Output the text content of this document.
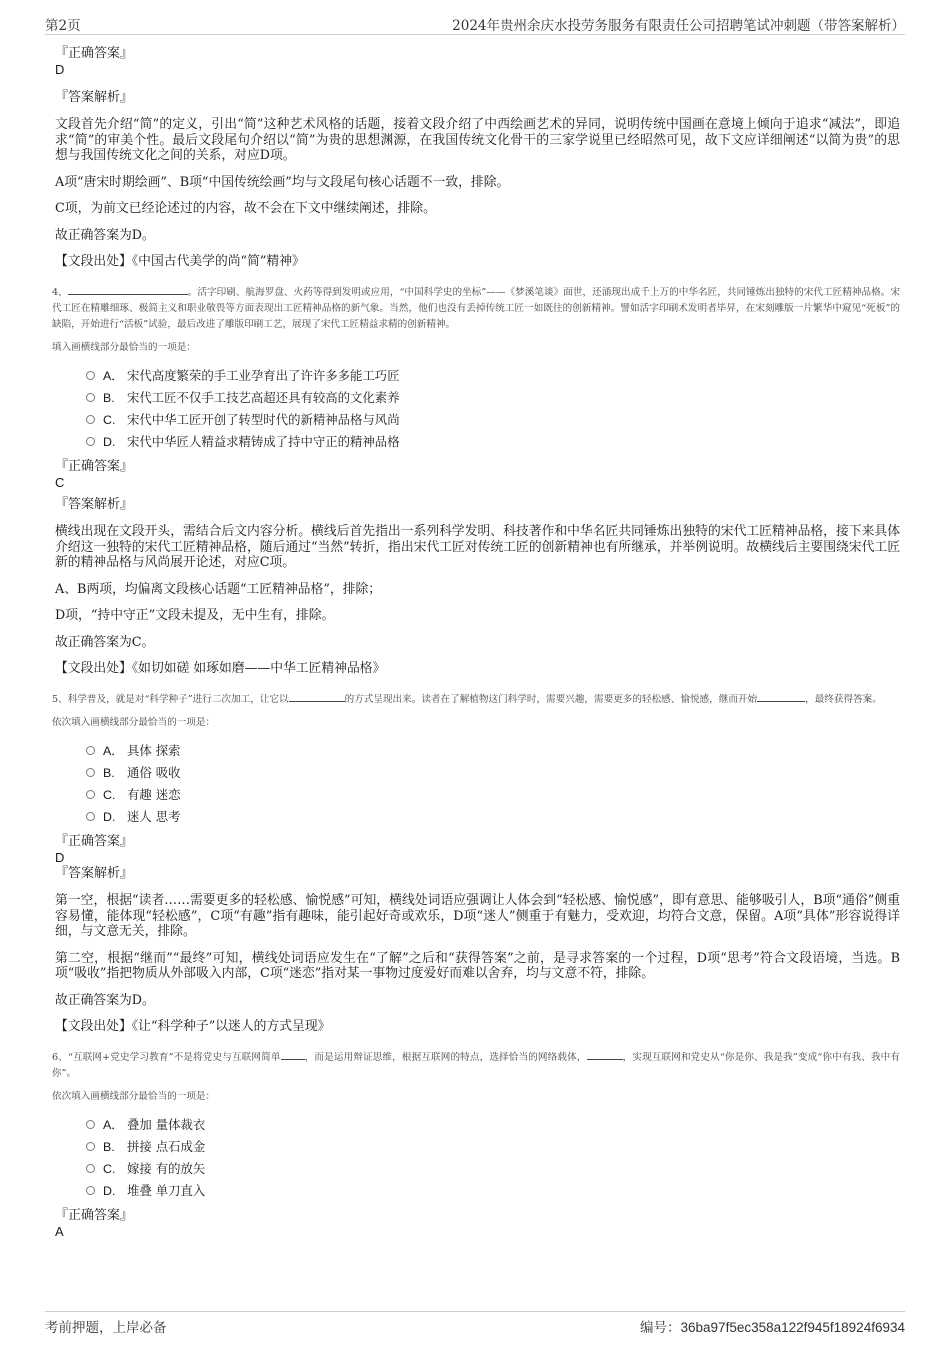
第2页	2024年贵州余庆水投劳务服务有限责任公司招聘笔试冲刺题（带答案解析）

『正确答案』

D

『答案解析』

文段首先介绍“简”的定义，引出“简”这种艺术风格的话题，接着文段介绍了中西绘画艺术的异同，说明传统中国画在意境上倾向于追求“减法”，即追求“简”的审美个性。最后文段尾句介绍以“简”为贵的思想渊源，在我国传统文化骨干的三家学说里已经昭然可见，故下文应详细阐述“以简为贵”的思想与我国传统文化之间的关系，对应D项。

A项“唐宋时期绘画”、B项“中国传统绘画”均与文段尾句核心话题不一致，排除。

C项，为前文已经论述过的内容，故不会在下文中继续阐述，排除。

故正确答案为D。

【文段出处】《中国古代美学的尚“简”精神》

4、	。活字印刷、航海罗盘、火药等得到发明或应用，“中国科学史的坐标”——《梦溪笔谈》面世，还涌现出成千上万的中华名匠，共同锤炼出独特的宋代工匠精神品格。宋代工匠在精雕细琢、极简主义和职业敬畏等方面表现出工匠精神品格的新气象。当然，他们也没有丢掉传统工匠一如既往的创新精神。譬如活字印刷术发明者毕昇，在宋刻雕版一片繁华中窥见“死板”的缺陷，开始进行“活板”试验，最后改进了雕版印刷工艺，展现了宋代工匠精益求精的创新精神。

填入画横线部分最恰当的一项是：

A． 宋代高度繁荣的手工业孕育出了许许多多能工巧匠
B. 宋代工匠不仅手工技艺高超还具有较高的文化素养
C. 宋代中华工匠开创了转型时代的新精神品格与风尚
D. 宋代中华匠人精益求精铸成了持中守正的精神品格

『正确答案』

C

『答案解析』

横线出现在文段开头，需结合后文内容分析。横线后首先指出一系列科学发明、科技著作和中华名匠共同锤炼出独特的宋代工匠精神品格，接下来具体介绍这一独特的宋代工匠精神品格，随后通过“当然”转折，指出宋代工匠对传统工匠的创新精神也有所继承，并举例说明。故横线后主要围绕宋代工匠新的精神品格与风尚展开论述，对应C项。

A、B两项，均偏离文段核心话题“工匠精神品格”，排除；

D项，“持中守正”文段未提及，无中生有，排除。

故正确答案为C。

【文段出处】《如切如磋 如琢如磨——中华工匠精神品格》

5、科学普及，就是对“科学种子”进行二次加工，让它以	的方式呈现出来。读者在了解植物这门科学时，需要兴趣，需要更多的轻松感、愉悦感，继而开始	，最终获得答案。

依次填入画横线部分最恰当的一项是：

A． 具体 探索
B. 通俗 吸收
C. 有趣 迷恋
D. 迷人 思考

『正确答案』

D

『答案解析』

第一空，根据“读者……需要更多的轻松感、愉悦感”可知，横线处词语应强调让人体会到“轻松感、愉悦感”，即有意思、能够吸引人，B项“通俗”侧重容易懂，能体现“轻松感”，C项“有趣”指有趣味，能引起好奇或欢乐，D项“迷人”侧重于有魅力，受欢迎，均符合文意，保留。A项“具体”形容说得详细，与文意无关，排除。

第二空，根据“继而”“最终”可知，横线处词语应发生在“了解”之后和“获得答案”之前，是寻求答案的一个过程，D项“思考”符合文段语境，当选。B项“吸收”指把物质从外部吸入内部，C项“迷恋”指对某一事物过度爱好而难以舍弃，均与文意不符，排除。

故正确答案为D。

【文段出处】《让“科学种子”以迷人的方式呈现》

6、“互联网+党史学习教育”不是将党史与互联网简单	，而是运用辩证思维，根据互联网的特点，选择恰当的网络载体，	，实现互联网和党史从“你是你、我是我”变成“你中有我、我中有你”。

依次填入画横线部分最恰当的一项是：

A． 叠加 量体裁衣
B. 拼接 点石成金
C. 嫁接 有的放矢
D. 堆叠 单刀直入

『正确答案』

A

考前押题，上岸必备	编号：36ba97f5ec358a122f945f18924f6934
